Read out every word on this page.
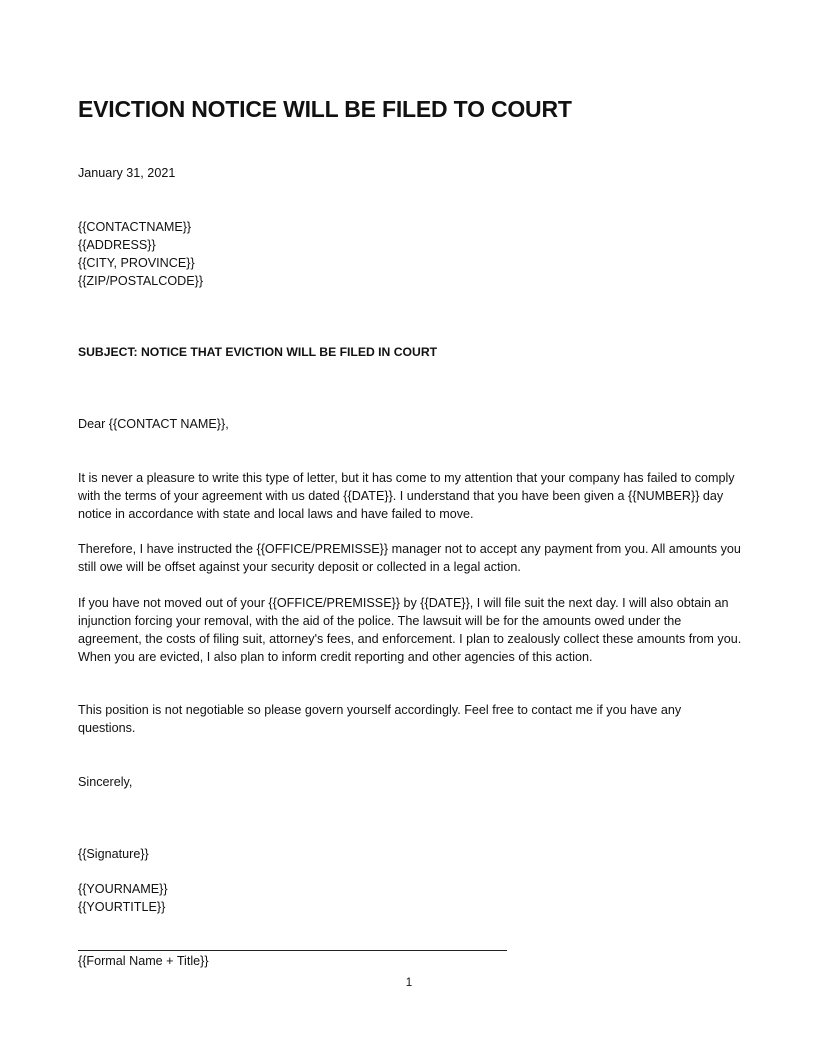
EVICTION NOTICE WILL BE FILED TO COURT
January 31, 2021
{{CONTACTNAME}}
{{ADDRESS}}
{{CITY, PROVINCE}}
{{ZIP/POSTALCODE}}
SUBJECT: NOTICE THAT EVICTION WILL BE FILED IN COURT
Dear {{CONTACT NAME}},

It is never a pleasure to write this type of letter, but it has come to my attention that your company has failed to comply with the terms of your agreement with us dated {{DATE}}. I understand that you have been given a {{NUMBER}} day notice in accordance with state and local laws and have failed to move.

Therefore, I have instructed the {{OFFICE/PREMISSE}} manager not to accept any payment from you. All amounts you still owe will be offset against your security deposit or collected in a legal action.

If you have not moved out of your {{OFFICE/PREMISSE}} by {{DATE}}, I will file suit the next day. I will also obtain an injunction forcing your removal, with the aid of the police. The lawsuit will be for the amounts owed under the agreement, the costs of filing suit, attorney's fees, and enforcement. I plan to zealously collect these amounts from you. When you are evicted, I also plan to inform credit reporting and other agencies of this action.

This position is not negotiable so please govern yourself accordingly. Feel free to contact me if you have any questions.

Sincerely,
{{Signature}}
{{YOURNAME}}
{{YOURTITLE}}
{{Formal Name + Title}}
1
